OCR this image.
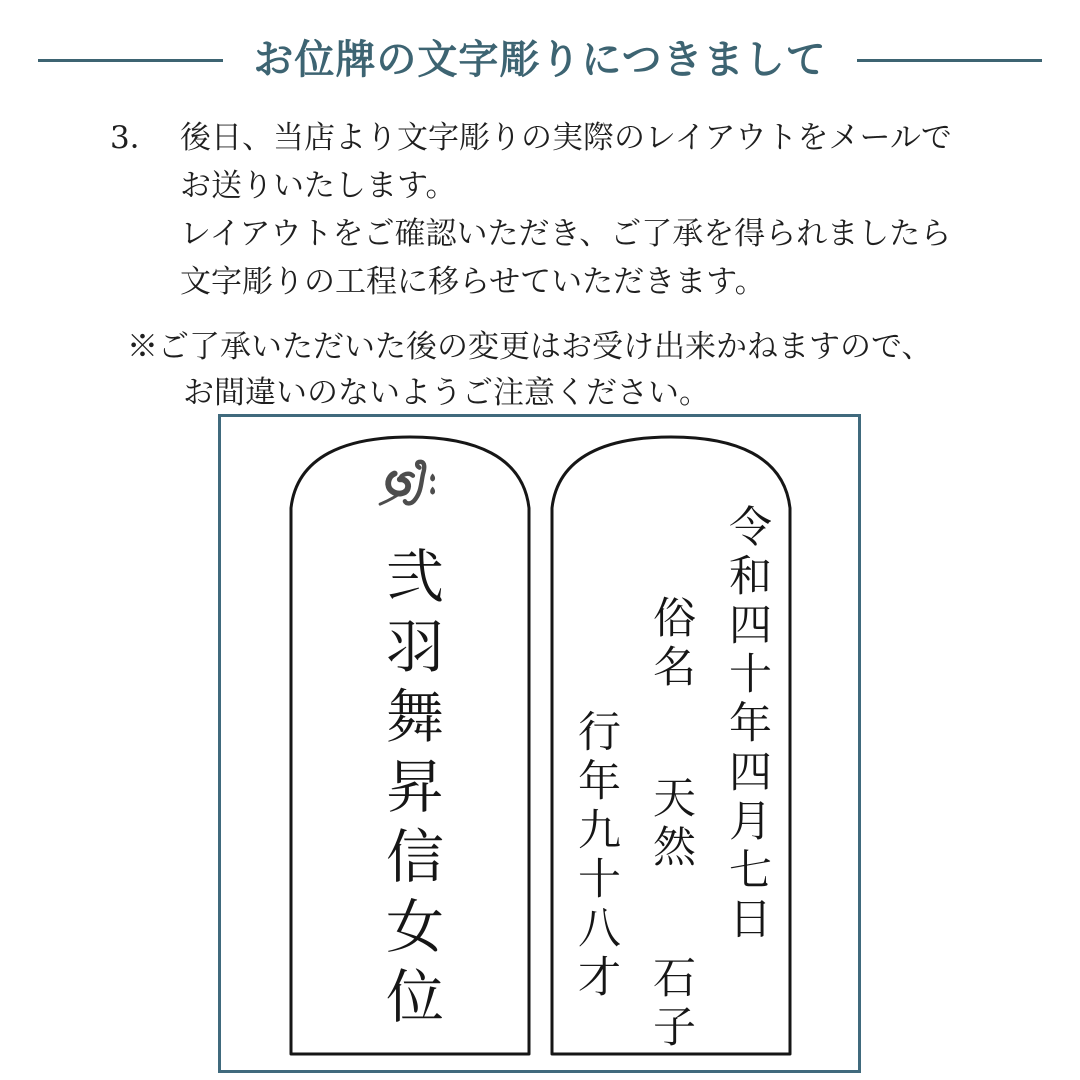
お位牌の文字彫りにつきまして
3． 後日、当店より文字彫りの実際のレイアウトをメールで
お送りいたします。
レイアウトをご確認いただき、ご了承を得られましたら
文字彫りの工程に移らせていただきます。
※ご了承いただいた後の変更はお受け出来かねますので、
お間違いのないようご注意ください。
弐羽舞昇信女位	令和四十年四月七日
俗名 天然 石子
行年九十八才
